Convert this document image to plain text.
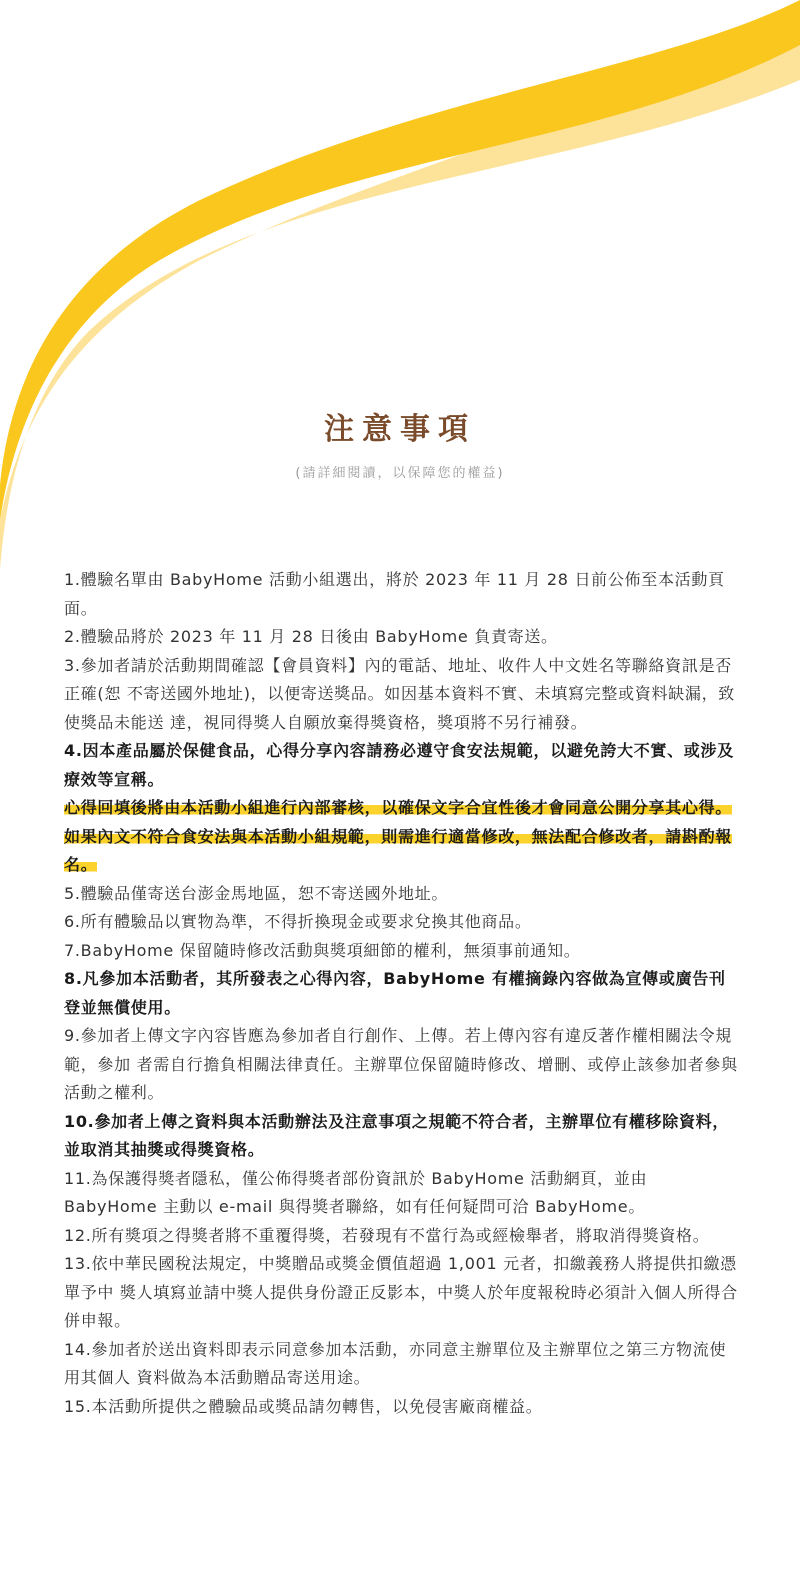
注意事項
(請詳細閱讀，以保障您的權益)

1.體驗名單由 BabyHome 活動小組選出，將於 2023 年 11 月 28 日前公佈至本活動頁面。

2.體驗品將於 2023 年 11 月 28 日後由 BabyHome 負責寄送。

3.參加者請於活動期間確認【會員資料】內的電話、地址、收件人中文姓名等聯絡資訊是否正確(恕 不寄送國外地址)，以便寄送獎品。如因基本資料不實、未填寫完整或資料缺漏，致使獎品未能送 達，視同得獎人自願放棄得獎資格，獎項將不另行補發。

4.因本產品屬於保健食品，心得分享內容請務必遵守食安法規範，以避免誇大不實、或涉及療效等宣稱。

心得回填後將由本活動小組進行內部審核，以確保文字合宜性後才會同意公開分享其心得。如果內文不符合食安法與本活動小組規範，則需進行適當修改，無法配合修改者，請斟酌報名。

5.體驗品僅寄送台澎金馬地區，恕不寄送國外地址。

6.所有體驗品以實物為準，不得折換現金或要求兌換其他商品。

7.BabyHome 保留隨時修改活動與獎項細節的權利，無須事前通知。

8.凡參加本活動者，其所發表之心得內容，BabyHome 有權摘錄內容做為宣傳或廣告刊登並無償使用。

9.參加者上傳文字內容皆應為參加者自行創作、上傳。若上傳內容有違反著作權相關法令規範，參加 者需自行擔負相關法律責任。主辦單位保留隨時修改、增刪、或停止該參加者參與活動之權利。

10.參加者上傳之資料與本活動辦法及注意事項之規範不符合者，主辦單位有權移除資料，並取消其抽獎或得獎資格。

11.為保護得獎者隱私，僅公佈得獎者部份資訊於 BabyHome 活動網頁，並由BabyHome 主動以 e-mail 與得獎者聯絡，如有任何疑問可洽 BabyHome。

12.所有獎項之得獎者將不重覆得獎，若發現有不當行為或經檢舉者，將取消得獎資格。

13.依中華民國稅法規定，中獎贈品或獎金價值超過 1,001 元者，扣繳義務人將提供扣繳憑單予中 獎人填寫並請中獎人提供身份證正反影本，中獎人於年度報稅時必須計入個人所得合併申報。

14.參加者於送出資料即表示同意參加本活動，亦同意主辦單位及主辦單位之第三方物流使用其個人 資料做為本活動贈品寄送用途。

15.本活動所提供之體驗品或獎品請勿轉售，以免侵害廠商權益。
